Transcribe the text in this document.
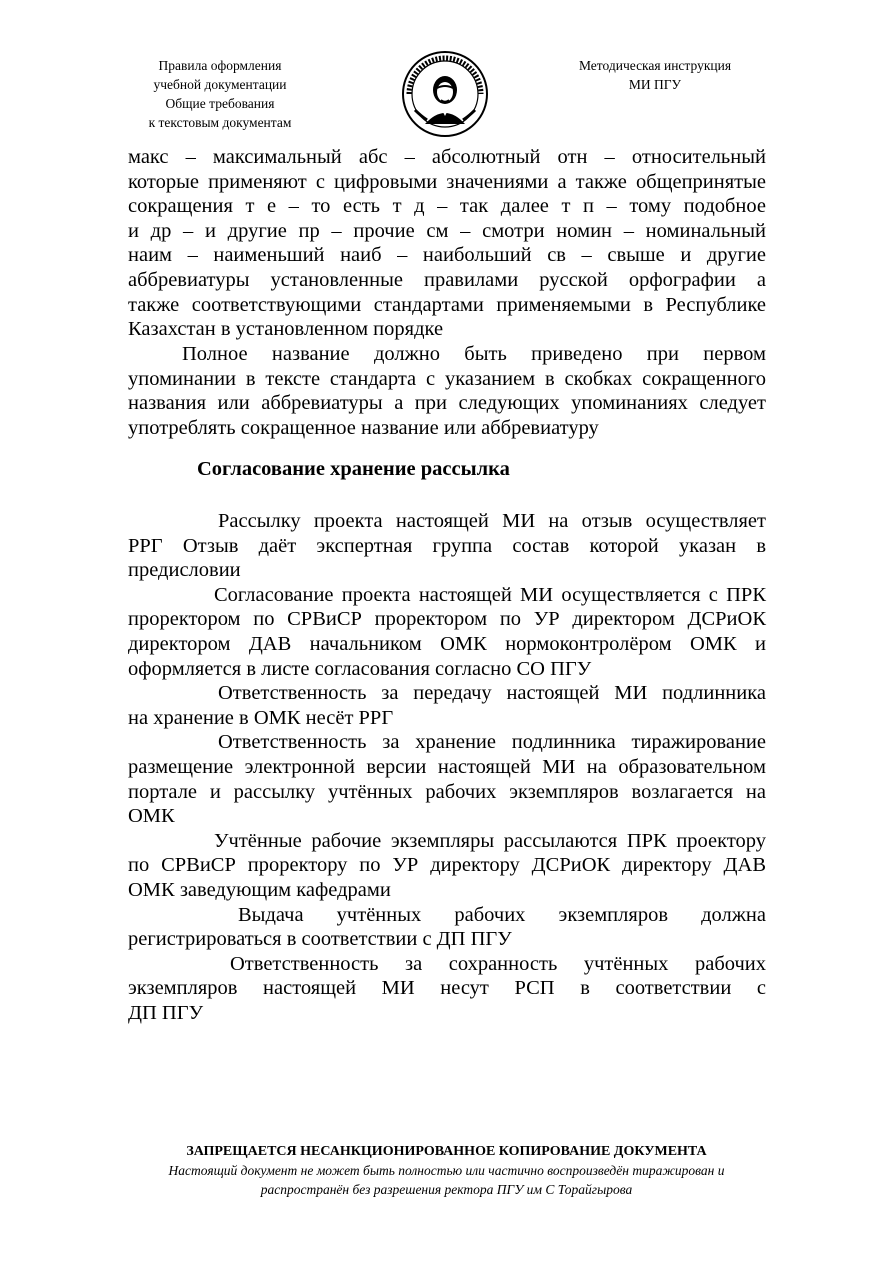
Правила оформления
учебной документации
Общие требования
к текстовым документам
Методическая инструкция
МИ ПГУ
макс – максимальный абс – абсолютный отн – относительный
которые применяют с цифровыми значениями а также общепринятые
сокращения т е – то есть т д – так далее т п – тому подобное
и др – и другие пр – прочие см – смотри номин – номинальный
наим – наименьший наиб – наибольший св – свыше и другие
аббревиатуры установленные правилами русской орфографии а
также соответствующими стандартами применяемыми в Республике
Казахстан в установленном порядке
Полное название должно быть приведено при первом
упоминании в тексте стандарта с указанием в скобках сокращенного
названия или аббревиатуры а при следующих упоминаниях следует
употреблять сокращенное название или аббревиатуру
Согласование хранение рассылка
Рассылку проекта настоящей МИ на отзыв осуществляет
РРГ Отзыв даёт экспертная группа состав которой указан в
предисловии
Согласование проекта настоящей МИ осуществляется с ПРК
проректором по СРВиСР проректором по УР директором ДСРиОК
директором ДАВ начальником ОМК нормоконтролёром ОМК и
оформляется в листе согласования согласно СО ПГУ
Ответственность за передачу настоящей МИ подлинника
на хранение в ОМК несёт РРГ
Ответственность за хранение подлинника тиражирование
размещение электронной версии настоящей МИ на образовательном
портале и рассылку учтённых рабочих экземпляров возлагается на
ОМК
Учтённые рабочие экземпляры рассылаются ПРК проектору
по СРВиСР проректору по УР директору ДСРиОК директору ДАВ
ОМК заведующим кафедрами
Выдача учтённых рабочих экземпляров должна
регистрироваться в соответствии с ДП ПГУ
Ответственность за сохранность учтённых рабочих
экземпляров настоящей МИ несут РСП в соответствии с
ДП ПГУ
ЗАПРЕЩАЕТСЯ НЕСАНКЦИОНИРОВАННОЕ КОПИРОВАНИЕ ДОКУМЕНТА
Настоящий документ не может быть полностью или частично воспроизведён тиражирован и
распространён без разрешения ректора ПГУ им С Торайгырова
